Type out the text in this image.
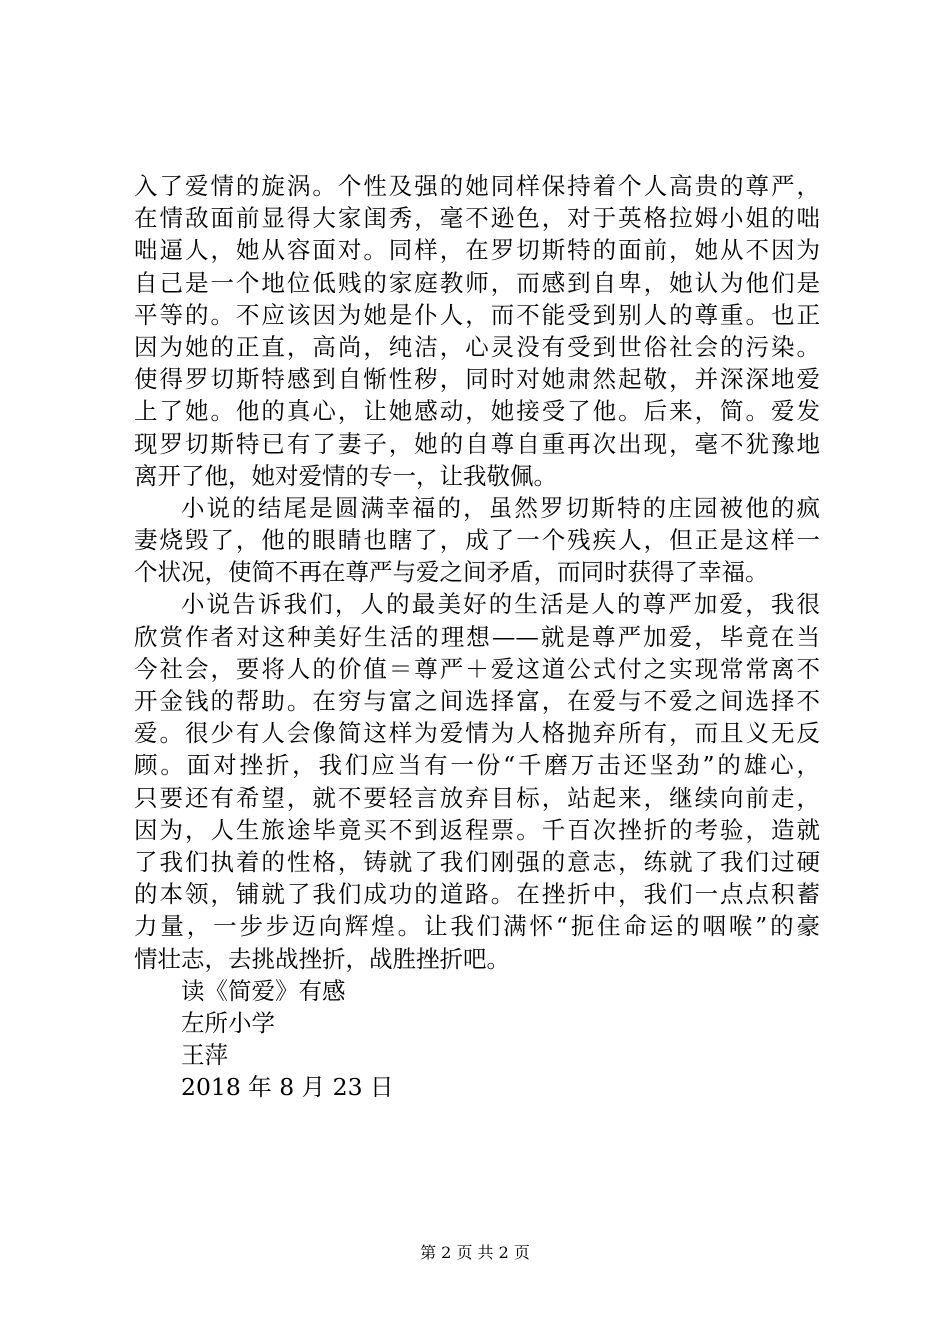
入了爱情的旋涡。个性及强的她同样保持着个人高贵的尊严，
在情敌面前显得大家闺秀，毫不逊色，对于英格拉姆小姐的咄
咄逼人，她从容面对。同样，在罗切斯特的面前，她从不因为
自己是一个地位低贱的家庭教师，而感到自卑，她认为他们是
平等的。不应该因为她是仆人，而不能受到别人的尊重。也正
因为她的正直，高尚，纯洁，心灵没有受到世俗社会的污染。
使得罗切斯特感到自惭性秽，同时对她肃然起敬，并深深地爱
上了她。他的真心，让她感动，她接受了他。后来，简。爱发
现罗切斯特已有了妻子，她的自尊自重再次出现，毫不犹豫地
离开了他，她对爱情的专一，让我敬佩。
小说的结尾是圆满幸福的，虽然罗切斯特的庄园被他的疯
妻烧毁了，他的眼睛也瞎了，成了一个残疾人，但正是这样一
个状况，使简不再在尊严与爱之间矛盾，而同时获得了幸福。
小说告诉我们，人的最美好的生活是人的尊严加爱，我很
欣赏作者对这种美好生活的理想——就是尊严加爱，毕竟在当
今社会，要将人的价值＝尊严＋爱这道公式付之实现常常离不
开金钱的帮助。在穷与富之间选择富，在爱与不爱之间选择不
爱。很少有人会像简这样为爱情为人格抛弃所有，而且义无反
顾。面对挫折，我们应当有一份“千磨万击还坚劲”的雄心，
只要还有希望，就不要轻言放弃目标，站起来，继续向前走，
因为，人生旅途毕竟买不到返程票。千百次挫折的考验，造就
了我们执着的性格，铸就了我们刚强的意志，练就了我们过硬
的本领，铺就了我们成功的道路。在挫折中，我们一点点积蓄
力量，一步步迈向辉煌。让我们满怀“扼住命运的咽喉”的豪
情壮志，去挑战挫折，战胜挫折吧。
读《简爱》有感
左所小学
王萍
2018 年 8 月 23 日
第 2 页 共 2 页
